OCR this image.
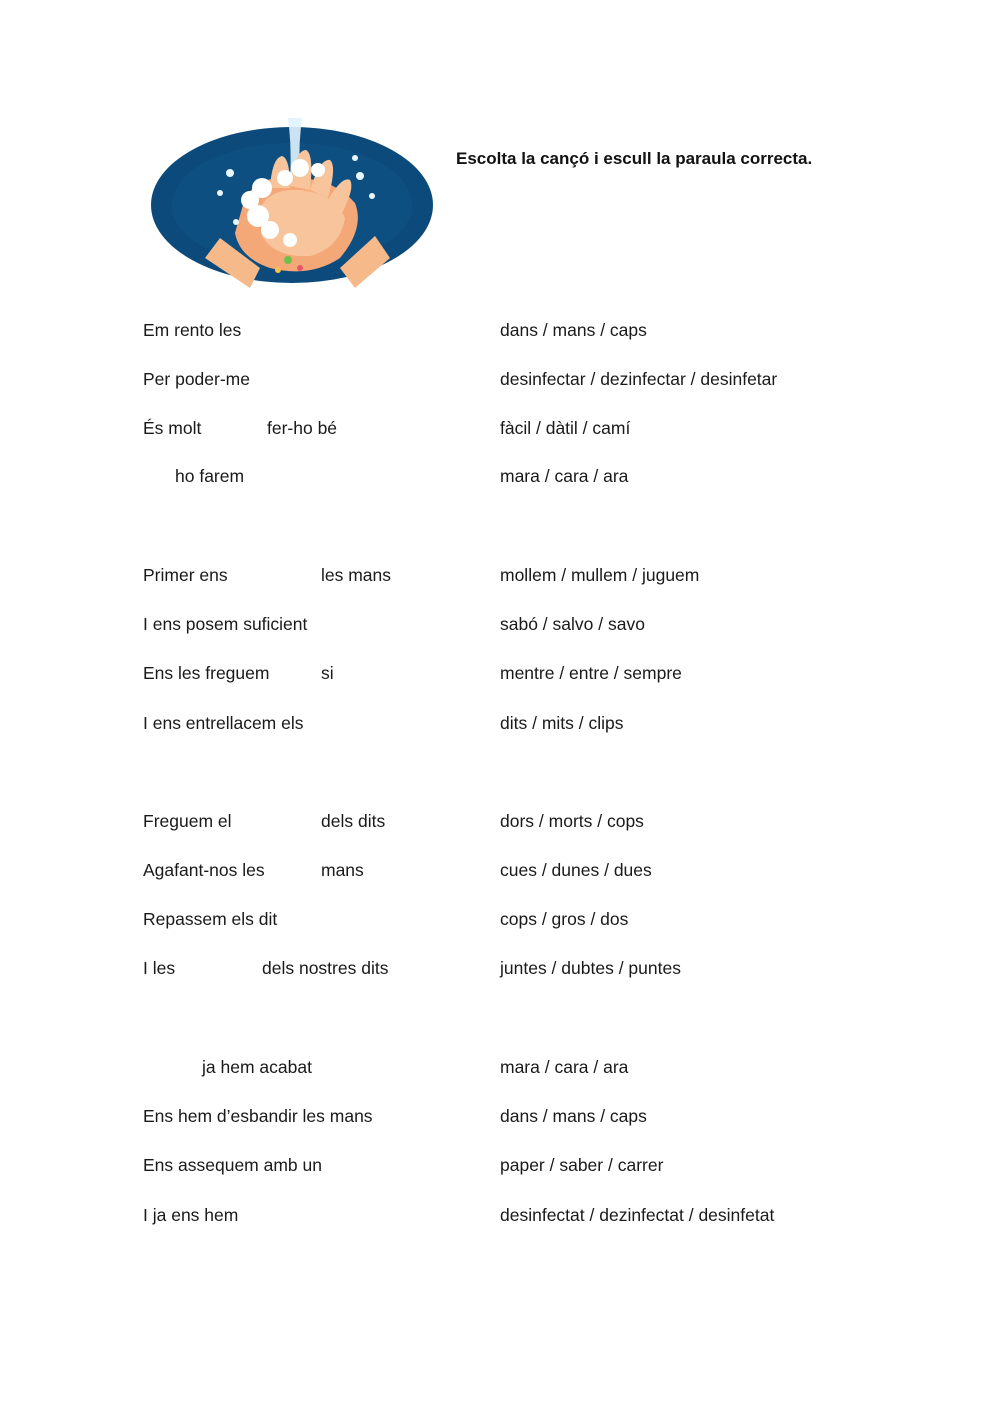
Escolta la cançó i escull la paraula correcta.
Em rento les	dans / mans / caps
Per poder-me	desinfectar / dezinfectar / desinfetar
És molt	fer-ho bé	fàcil / dàtil / camí
ho farem	mara / cara / ara
Primer ens	les mans	mollem / mullem / juguem
I ens posem suficient	sabó / salvo / savo
Ens les freguem	si	mentre / entre / sempre
I ens entrellacem els	dits / mits / clips
Freguem el	dels dits	dors / morts / cops
Agafant-nos les	mans	cues / dunes / dues
Repassem els dit	cops / gros / dos
I les	dels nostres dits	juntes / dubtes / puntes
ja hem acabat	mara / cara / ara
Ens hem d’esbandir les mans	dans / mans / caps
Ens assequem amb un	paper / saber / carrer
I ja ens hem	desinfectat / dezinfectat / desinfetat
